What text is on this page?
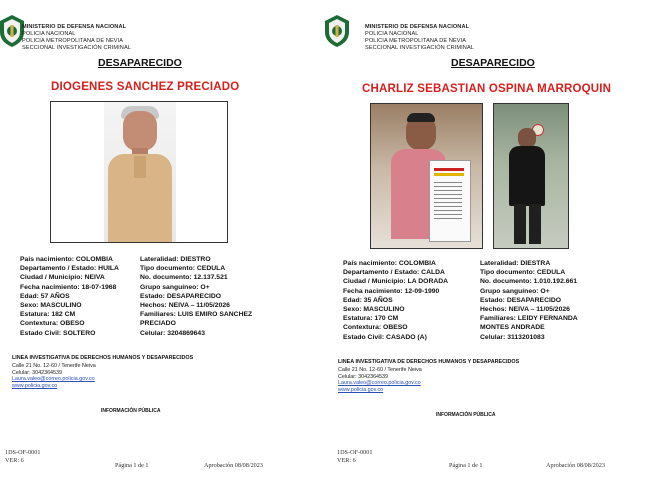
MINISTERIO DE DEFENSA NACIONAL
POLICIA NACIONAL
POLICIA METROPOLITANA DE NEVIA
SECCIONAL INVESTIGACIÓN CRIMINAL
DESAPARECIDO
DIOGENES SANCHEZ PRECIADO
País nacimiento: COLOMBIA
Departamento / Estado: HUILA
Ciudad / Municipio: NEIVA
Fecha nacimiento: 18-07-1968
Edad: 57 AÑOS
Sexo: MASCULINO
Estatura: 182 CM
Contextura: OBESO
Estado Civil: SOLTERO
Lateralidad: DIESTRO
Tipo documento: CEDULA
No. documento: 12.137.521
Grupo sanguíneo: O+
Estado: DESAPARECIDO
Hechos: NEIVA – 11/05/2026
Familiares: LUIS EMIRO SANCHEZ
PRECIADO
Celular: 3204869643
LINEA INVESTIGATIVA DE DERECHOS HUMANOS Y DESAPARECIDOS
Calle 21 No. 12-60 / Tenerife Neiva
Celular: 3042364539
Laura.valeo@correo.policia.gov.co
www.policia.gov.co
INFORMACIÓN PÚBLICA
1DS-OF-0001
VER: 6
Página 1 de 1	Aprobación 08/08/2023
MINISTERIO DE DEFENSA NACIONAL
POLICIA NACIONAL
POLICIA METROPOLITANA DE NEVIA
SECCIONAL INVESTIGACIÓN CRIMINAL
DESAPARECIDO
CHARLIZ SEBASTIAN OSPINA MARROQUIN
País nacimiento: COLOMBIA
Departamento / Estado: CALDA
Ciudad / Municipio: LA DORADA
Fecha nacimiento: 12-09-1990
Edad: 35 AÑOS
Sexo: MASCULINO
Estatura: 170 CM
Contextura: OBESO
Estado Civil: CASADO (A)
Lateralidad: DIESTRA
Tipo documento: CEDULA
No. documento: 1.010.192.661
Grupo sanguíneo: O+
Estado: DESAPARECIDO
Hechos: NEIVA – 11/05/2026
Familiares: LEIDY FERNANDA
MONTES ANDRADE
Celular: 3113201083
LINEA INVESTIGATIVA DE DERECHOS HUMANOS Y DESAPARECIDOS
Calle 21 No. 12-60 / Tenerife Neiva
Celular: 3042364539
Laura.valeo@correo.policia.gov.co
www.policia.gov.co
INFORMACIÓN PÚBLICA
1DS-OF-0001
VER: 6
Página 1 de 1	Aprobación 08/08/2023
